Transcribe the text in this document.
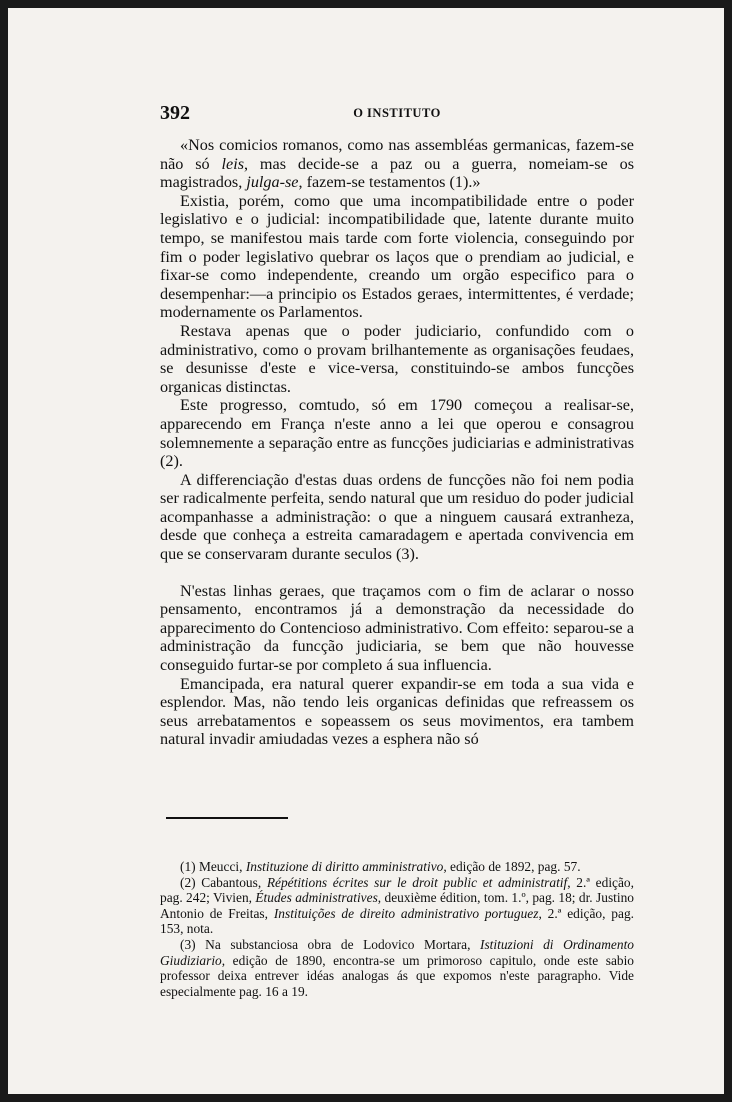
392	O INSTITUTO

«Nos comicios romanos, como nas assembléas germanicas, fazem-se não só leis, mas decide-se a paz ou a guerra, nomeiam-se os magistrados, julga-se, fazem-se testamentos (1).»

Existia, porém, como que uma incompatibilidade entre o poder legislativo e o judicial: incompatibilidade que, latente durante muito tempo, se manifestou mais tarde com forte violencia, conseguindo por fim o poder legislativo quebrar os laços que o prendiam ao judicial, e fixar-se como independente, creando um orgão especifico para o desempenhar:—a principio os Estados geraes, intermittentes, é verdade; modernamente os Parlamentos.

Restava apenas que o poder judiciario, confundido com o administrativo, como o provam brilhantemente as organisações feudaes, se desunisse d'este e vice-versa, constituindo-se ambos funcções organicas distinctas.

Este progresso, comtudo, só em 1790 começou a realisar-se, apparecendo em França n'este anno a lei que operou e consagrou solemnemente a separação entre as funcções judiciarias e administrativas (2).

A differenciação d'estas duas ordens de funcções não foi nem podia ser radicalmente perfeita, sendo natural que um residuo do poder judicial acompanhasse a administração: o que a ninguem causará extranheza, desde que conheça a estreita camaradagem e apertada convivencia em que se conservaram durante seculos (3).

N'estas linhas geraes, que traçamos com o fim de aclarar o nosso pensamento, encontramos já a demonstração da necessidade do apparecimento do Contencioso administrativo. Com effeito: separou-se a administração da funcção judiciaria, se bem que não houvesse conseguido furtar-se por completo á sua influencia.

Emancipada, era natural querer expandir-se em toda a sua vida e esplendor. Mas, não tendo leis organicas definidas que refreassem os seus arrebatamentos e sopeassem os seus movimentos, era tambem natural invadir amiudadas vezes a esphera não só

(1) Meucci, Instituzione di diritto amministrativo, edição de 1892, pag. 57.

(2) Cabantous, Répétitions écrites sur le droit public et administratif, 2.ª edição, pag. 242; Vivien, Études administratives, deuxième édition, tom. 1.º, pag. 18; dr. Justino Antonio de Freitas, Instituições de direito administrativo portuguez, 2.ª edição, pag. 153, nota.

(3) Na substanciosa obra de Lodovico Mortara, Istituzioni di Ordinamento Giudiziario, edição de 1890, encontra-se um primoroso capitulo, onde este sabio professor deixa entrever idéas analogas ás que expomos n'este paragrapho. Vide especialmente pag. 16 a 19.
